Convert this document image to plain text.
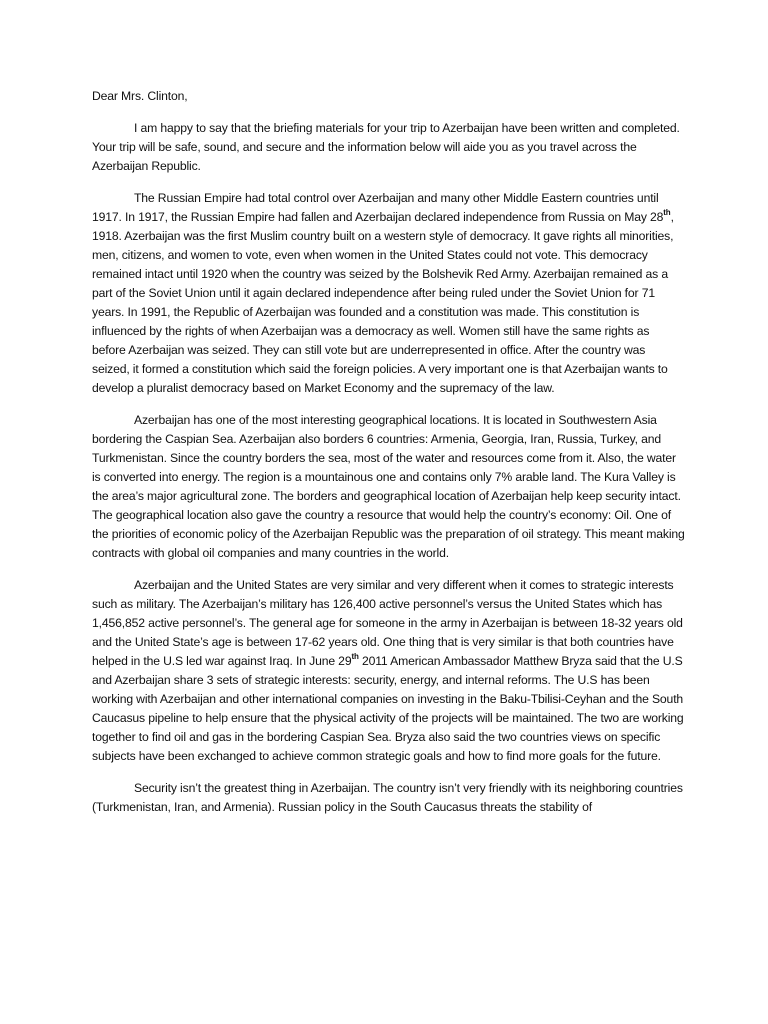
Dear Mrs. Clinton,

I am happy to say that the briefing materials for your trip to Azerbaijan have been written and completed. Your trip will be safe, sound, and secure and the information below will aide you as you travel across the Azerbaijan Republic.

The Russian Empire had total control over Azerbaijan and many other Middle Eastern countries until 1917. In 1917, the Russian Empire had fallen and Azerbaijan declared independence from Russia on May 28th, 1918. Azerbaijan was the first Muslim country built on a western style of democracy. It gave rights all minorities, men, citizens, and women to vote, even when women in the United States could not vote. This democracy remained intact until 1920 when the country was seized by the Bolshevik Red Army. Azerbaijan remained as a part of the Soviet Union until it again declared independence after being ruled under the Soviet Union for 71 years. In 1991, the Republic of Azerbaijan was founded and a constitution was made. This constitution is influenced by the rights of when Azerbaijan was a democracy as well. Women still have the same rights as before Azerbaijan was seized. They can still vote but are underrepresented in office. After the country was seized, it formed a constitution which said the foreign policies. A very important one is that Azerbaijan wants to develop a pluralist democracy based on Market Economy and the supremacy of the law.

Azerbaijan has one of the most interesting geographical locations. It is located in Southwestern Asia bordering the Caspian Sea. Azerbaijan also borders 6 countries: Armenia, Georgia, Iran, Russia, Turkey, and Turkmenistan. Since the country borders the sea, most of the water and resources come from it. Also, the water is converted into energy. The region is a mountainous one and contains only 7% arable land. The Kura Valley is the area’s major agricultural zone. The borders and geographical location of Azerbaijan help keep security intact. The geographical location also gave the country a resource that would help the country’s economy: Oil. One of the priorities of economic policy of the Azerbaijan Republic was the preparation of oil strategy. This meant making contracts with global oil companies and many countries in the world.

Azerbaijan and the United States are very similar and very different when it comes to strategic interests such as military. The Azerbaijan’s military has 126,400 active personnel’s versus the United States which has 1,456,852 active personnel’s. The general age for someone in the army in Azerbaijan is between 18-32 years old and the United State’s age is between 17-62 years old. One thing that is very similar is that both countries have helped in the U.S led war against Iraq. In June 29th 2011 American Ambassador Matthew Bryza said that the U.S and Azerbaijan share 3 sets of strategic interests: security, energy, and internal reforms. The U.S has been working with Azerbaijan and other international companies on investing in the Baku-Tbilisi-Ceyhan and the South Caucasus pipeline to help ensure that the physical activity of the projects will be maintained. The two are working together to find oil and gas in the bordering Caspian Sea. Bryza also said the two countries views on specific subjects have been exchanged to achieve common strategic goals and how to find more goals for the future.

Security isn’t the greatest thing in Azerbaijan. The country isn’t very friendly with its neighboring countries (Turkmenistan, Iran, and Armenia). Russian policy in the South Caucasus threats the stability of
